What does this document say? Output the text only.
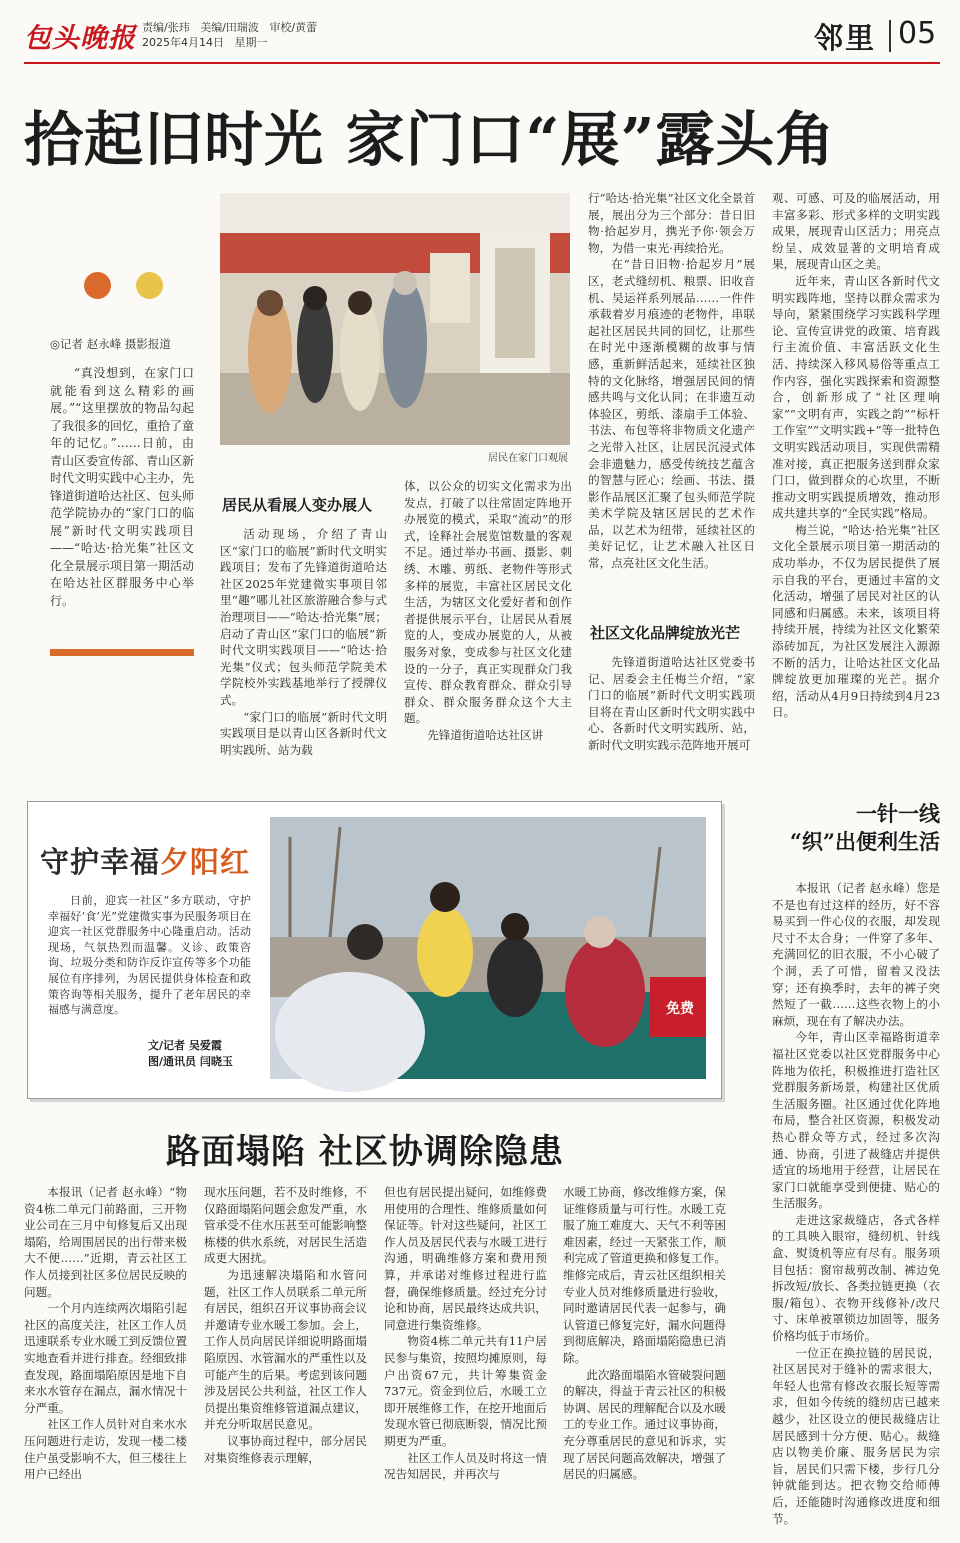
包头晚报 责编/张玮 美编/田瑞波 审校/黄蕾
2025年4月14日 星期一	邻里 05
拾起旧时光 家门口“展”露头角
◎记者 赵永峰 摄影报道

“真没想到，在家门口就能看到这么精彩的画展。”“这里摆放的物品勾起了我很多的回忆，重拾了童年的记忆。”……日前，由青山区委宣传部、青山区新时代文明实践中心主办，先锋道街道哈达社区、包头师范学院协办的“家门口的临展”新时代文明实践项目——“哈达·拾光集”社区文化全景展示项目第一期活动在哈达社区群服务中心举行。

居民在家门口观展
居民从看展人变办展人

活动现场，介绍了青山区“家门口的临展”新时代文明实践项目；发布了先锋道街道哈达社区2025年党建微实事项目邻里“趣”哪儿社区旅游融合参与式治理项目——“哈达·拾光集”展；启动了青山区“家门口的临展”新时代文明实践项目——“哈达·拾光集”仪式；包头师范学院美术学院校外实践基地举行了授牌仪式。

“家门口的临展”新时代文明实践项目是以青山区各新时代文明实践所、站为载

体，以公众的切实文化需求为出发点，打破了以往常固定阵地开办展览的模式，采取“流动”的形式，诠释社会展览馆数量的客观不足。通过举办书画、摄影、刺绣、木雕、剪纸、老物件等形式多样的展览，丰富社区居民文化生活，为辖区文化爱好者和创作者提供展示平台，让居民从看展览的人，变成办展览的人，从被服务对象，变成参与社区文化建设的一分子，真正实现群众门我宣传、群众教育群众、群众引导群众、群众服务群众这个大主题。

先锋道街道哈达社区讲

行“哈达·拾光集”社区文化全景首展，展出分为三个部分：昔日旧物·拾起岁月，携光予你·领会万物，为借一束光·再续拾光。

在“昔日旧物·拾起岁月”展区，老式缝纫机、粮票、旧收音机、吴运祥系列展品……一件件承载着岁月痕迹的老物件，串联起社区居民共同的回忆，让那些在时光中逐渐模糊的故事与情感，重新鲜活起来，延续社区独特的文化脉络，增强居民间的情感共鸣与文化认同；在非遗互动体验区，剪纸、漆扇手工体验、书法、布包等将非物质文化遗产之光带入社区，让居民沉浸式体会非遗魅力，感受传统技艺蕴含的智慧与匠心；绘画、书法、摄影作品展区汇聚了包头师范学院美术学院及辖区居民的艺术作品，以艺术为纽带，延续社区的美好记忆，让艺术融入社区日常，点亮社区文化生活。

社区文化品牌绽放光芒

先锋道街道哈达社区党委书记、居委会主任梅兰介绍，“家门口的临展”新时代文明实践项目将在青山区新时代文明实践中心、各新时代文明实践所、站，新时代文明实践示范阵地开展可

观、可感、可及的临展活动，用丰富多彩、形式多样的文明实践成果，展现青山区活力；用亮点纷呈、成效显著的文明培育成果，展现青山区之美。

近年来，青山区各新时代文明实践阵地，坚持以群众需求为导向，紧紧围绕学习实践科学理论、宣传宣讲党的政策、培育践行主流价值、丰富活跃文化生活、持续深入移风易俗等重点工作内容，强化实践探索和资源整合，创新形成了“社区理响家”“文明有声，实践之韵”“标杆工作室”“文明实践+”等一批特色文明实践活动项目，实现供需精准对接，真正把服务送到群众家门口，做到群众的心坎里，不断推动文明实践提质增效，推动形成共建共享的“全民实践”格局。

梅兰说，“哈达·拾光集”社区文化全景展示项目第一期活动的成功举办，不仅为居民提供了展示自我的平台，更通过丰富的文化活动，增强了居民对社区的认同感和归属感。未来，该项目将持续开展，持续为社区文化繁荣添砖加瓦，为社区发展注入源源不断的活力，让哈达社区文化品牌绽放更加璀璨的光芒。据介绍，活动从4月9日持续到4月23日。

守护幸福夕阳红

日前，迎宾一社区“多方联动，守护幸福好‘食’光”党建微实事为民服务项目在迎宾一社区党群服务中心隆重启动。活动现场，气氛热烈而温馨。义诊、政策咨询、垃圾分类和防诈反诈宣传等多个功能展位有序排列，为居民提供身体检查和政策咨询等相关服务，提升了老年居民的幸福感与满意度。

文/记者 吴爱霞
图/通讯员 闫晓玉
免费
一针一线
“织”出便利生活

本报讯（记者 赵永峰）您是不是也有过这样的经历，好不容易买到一件心仪的衣服，却发现尺寸不太合身；一件穿了多年、充满回忆的旧衣服，不小心破了个洞，丢了可惜，留着又没法穿；还有换季时，去年的裤子突然短了一截……这些衣物上的小麻烦，现在有了解决办法。

今年，青山区幸福路街道幸福社区党委以社区党群服务中心阵地为依托，积极推进打造社区党群服务新场景，构建社区优质生活服务圈。社区通过优化阵地布局，整合社区资源，积极发动热心群众等方式，经过多次沟通、协商，引进了裁缝店并提供适宜的场地用于经营，让居民在家门口就能享受到便捷、贴心的生活服务。

走进这家裁缝店，各式各样的工具映入眼帘，缝纫机、针线盒、熨烫机等应有尽有。服务项目包括：窗帘裁剪改制、裤边免拆改短/放长、各类拉链更换（衣服/箱包）、衣物开线修补/改尺寸、床单被罩锁边加固等，服务价格均低于市场价。

一位正在换拉链的居民说，社区居民对于缝补的需求很大，年轻人也常有修改衣服长短等需求，但如今传统的缝纫店已越来越少，社区设立的便民裁缝店让居民感到十分方便、贴心。裁缝店以物美价廉、服务居民为宗旨，居民们只需下楼，步行几分钟就能到达。把衣物交给师傅后，还能随时沟通修改进度和细节。

路面塌陷 社区协调除隐患

本报讯（记者 赵永峰）“物资4栋二单元门前路面，三开物业公司在三月中旬修复后又出现塌陷，给周围居民的出行带来极大不便……”近期，青云社区工作人员接到社区多位居民反映的问题。

一个月内连续两次塌陷引起社区的高度关注，社区工作人员迅速联系专业水暖工到反馈位置实地查看并进行排查。经细致排查发现，路面塌陷原因是地下自来水水管存在漏点，漏水情况十分严重。

社区工作人员针对自来水水压问题进行走访，发现一楼二楼住户虽受影响不大，但三楼往上用户已经出

现水压问题，若不及时维修，不仅路面塌陷问题会愈发严重，水管承受不住水压甚至可能影响整栋楼的供水系统，对居民生活造成更大困扰。

为迅速解决塌陷和水管问题，社区工作人员联系二单元所有居民，组织召开议事协商会议并邀请专业水暖工参加。会上，工作人员向居民详细说明路面塌陷原因、水管漏水的严重性以及可能产生的后果。考虑到该问题涉及居民公共利益，社区工作人员提出集资维修管道漏点建议，并充分听取居民意见。

议事协商过程中，部分居民对集资维修表示理解，

但也有居民提出疑问，如维修费用使用的合理性、维修质量如何保证等。针对这些疑问，社区工作人员及居民代表与水暖工进行沟通，明确维修方案和费用预算，并承诺对维修过程进行监督，确保维修质量。经过充分讨论和协商，居民最终达成共识，同意进行集资维修。

物资4栋二单元共有11户居民参与集资，按照均摊原则，每户出资67元，共计筹集资金737元。资金到位后，水暖工立即开展维修工作，在挖开地面后发现水管已彻底断裂，情况比预期更为严重。

社区工作人员及时将这一情况告知居民，并再次与

水暖工协商，修改维修方案，保证维修质量与可行性。水暖工克服了施工难度大、天气不利等困难因素，经过一天紧张工作，顺利完成了管道更换和修复工作。维修完成后，青云社区组织相关专业人员对维修质量进行验收，同时邀请居民代表一起参与，确认管道已修复完好，漏水问题得到彻底解决，路面塌陷隐患已消除。

此次路面塌陷水管破裂问题的解决，得益于青云社区的积极协调、居民的理解配合以及水暖工的专业工作。通过议事协商，充分尊重居民的意见和诉求，实现了居民问题高效解决，增强了居民的归属感。
